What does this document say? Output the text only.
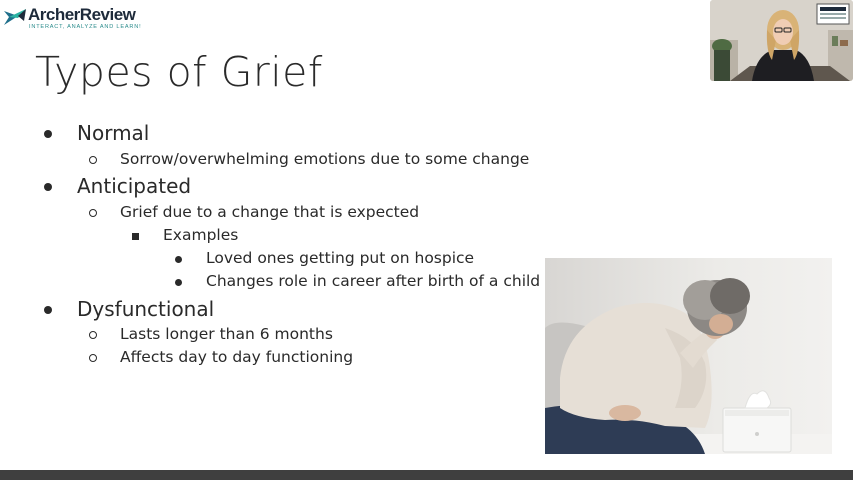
ArcherReview
INTERACT, ANALYZE AND LEARN!
Types of Grief
Normal
Sorrow/overwhelming emotions due to some change
Anticipated
Grief due to a change that is expected
Examples
Loved ones getting put on hospice
Changes role in career after birth of a child
Dysfunctional
Lasts longer than 6 months
Affects day to day functioning
